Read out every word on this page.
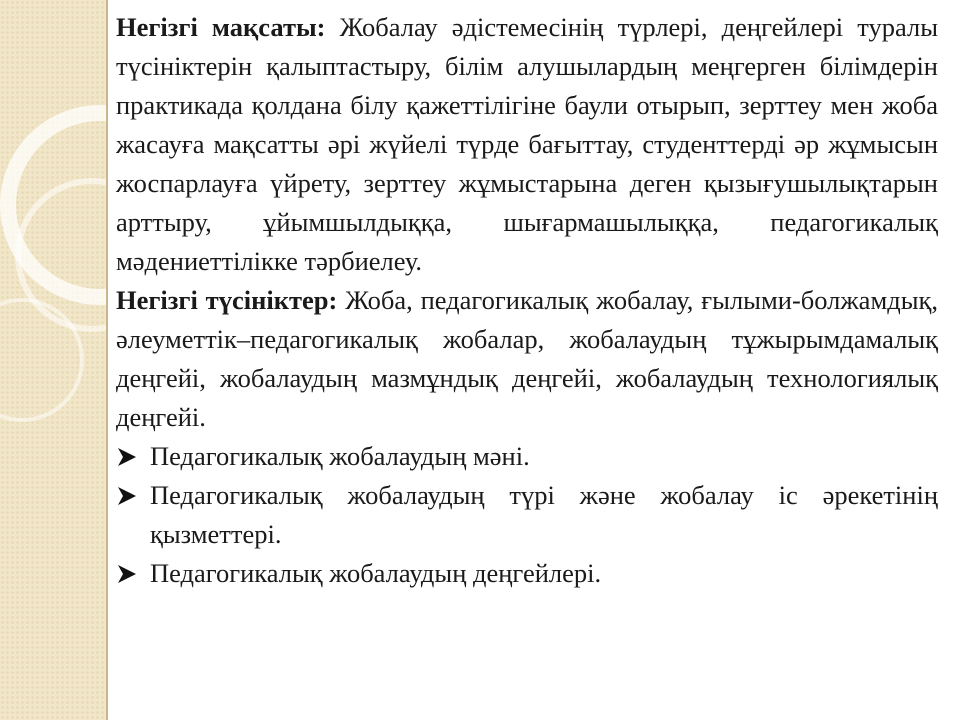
Негізгі мақсаты: Жобалау әдістемесінің түрлері, деңгейлері туралы түсініктерін қалыптастыру, білім алушылардың меңгерген білімдерін практикада қолдана білу қажеттілігіне баули отырып, зерттеу мен жоба жасауға мақсатты әрі жүйелі түрде бағыттау, студенттерді әр жұмысын жоспарлауға үйрету, зерттеу жұмыстарына деген қызығушылықтарын арттыру, ұйымшылдыққа, шығармашылыққа, педагогикалық мәдениеттілікке тәрбиелеу.

Негізгі түсініктер: Жоба, педагогикалық жобалау, ғылыми-болжамдық, әлеуметтік–педагогикалық жобалар, жобалаудың тұжырымдамалық деңгейі, жобалаудың мазмұндық деңгейі, жобалаудың технологиялық деңгейі.

Педагогикалық жобалаудың мәні.
Педагогикалық жобалаудың түрі және жобалау іс әрекетінің қызметтері.
Педагогикалық жобалаудың деңгейлері.
